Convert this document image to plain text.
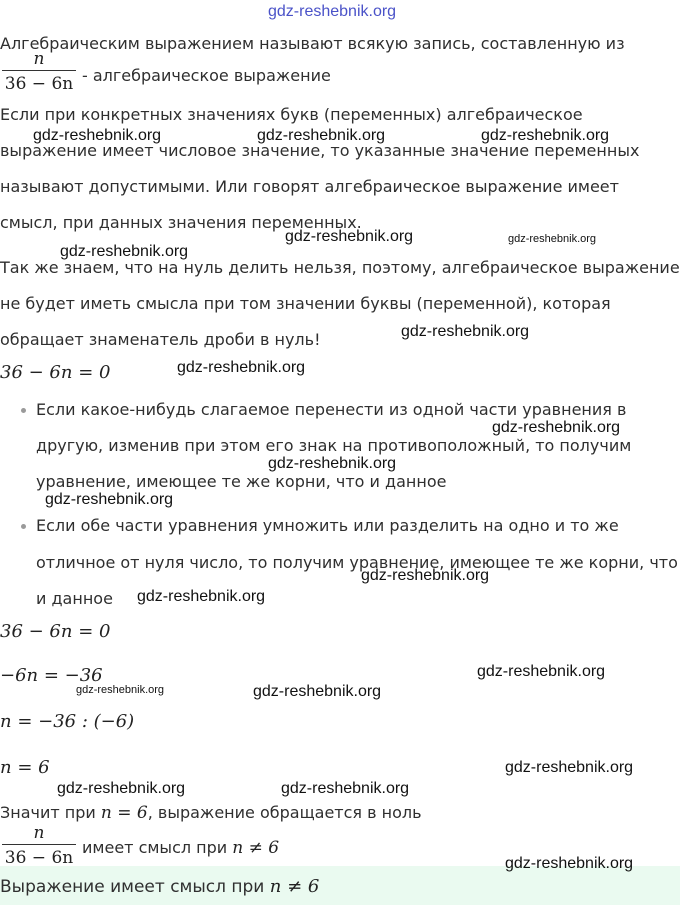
gdz-reshebnik.org
Алгебраическим выражением называют всякую запись, составленную из
n
36 − 6n - алгебраическое выражение
Если при конкретных значениях букв (переменных) алгебраическое
выражение имеет числовое значение, то указанные значение переменных
называют допустимыми. Или говорят алгебраическое выражение имеет
смысл, при данных значения переменных.
Так же знаем, что на нуль делить нельзя, поэтому, алгебраическое выражение
не будет иметь смысла при том значении буквы (переменной), которая
обращает знаменатель дроби в нуль!
36 − 6n = 0
Если какое-нибудь слагаемое перенести из одной части уравнения в
другую, изменив при этом его знак на противоположный, то получим
уравнение, имеющее те же корни, что и данное
Если обе части уравнения умножить или разделить на одно и то же
отличное от нуля число, то получим уравнение, имеющее те же корни, что
и данное
36 − 6n = 0
−6n = −36
n = −36 : (−6)
n = 6
Значит при n = 6, выражение обращается в ноль
n
36 − 6n
имеет смысл при n ≠ 6
Выражение имеет смысл при n ≠ 6
gdz-reshebnik.org	gdz-reshebnik.org	gdz-reshebnik.org
gdz-reshebnik.org	gdz-reshebnik.org
gdz-reshebnik.org
gdz-reshebnik.org
gdz-reshebnik.org
gdz-reshebnik.org
gdz-reshebnik.org
gdz-reshebnik.org
gdz-reshebnik.org
gdz-reshebnik.org
gdz-reshebnik.org
gdz-reshebnik.org	gdz-reshebnik.org
gdz-reshebnik.org
gdz-reshebnik.org	gdz-reshebnik.org
gdz-reshebnik.org
